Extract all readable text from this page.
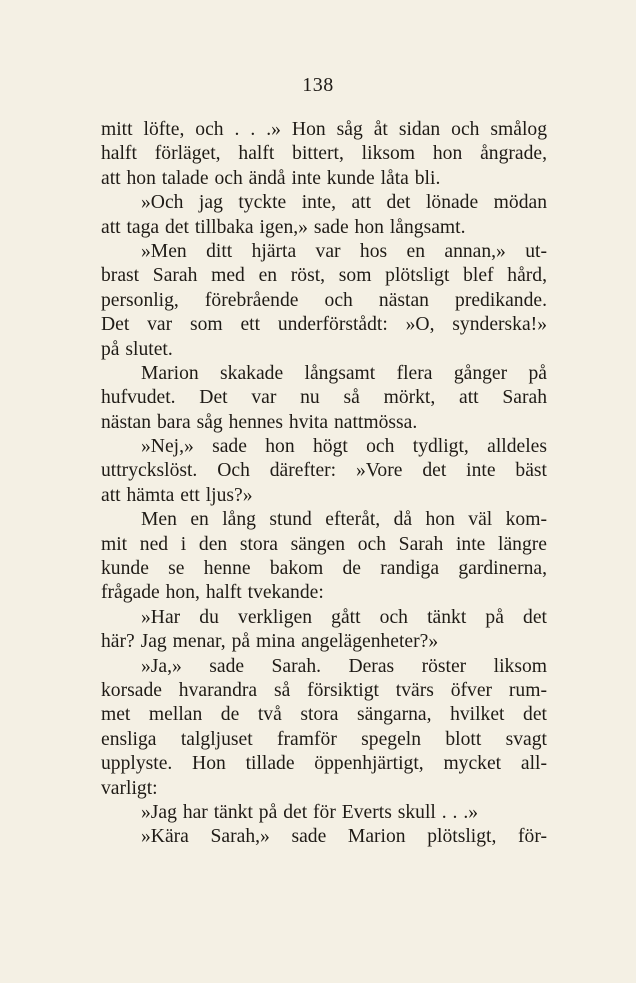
138
mitt löfte, och . . .» Hon såg åt sidan och smålog
halft förläget, halft bittert, liksom hon ångrade,
att hon talade och ändå inte kunde låta bli.
»Och jag tyckte inte, att det lönade mödan
att taga det tillbaka igen,» sade hon långsamt.
»Men ditt hjärta var hos en annan,» ut-
brast Sarah med en röst, som plötsligt blef hård,
personlig, förebrående och nästan predikande.
Det var som ett underförstådt: »O, synderska!»
på slutet.
Marion skakade långsamt flera gånger på
hufvudet. Det var nu så mörkt, att Sarah
nästan bara såg hennes hvita nattmössa.
»Nej,» sade hon högt och tydligt, alldeles
uttryckslöst. Och därefter: »Vore det inte bäst
att hämta ett ljus?»
Men en lång stund efteråt, då hon väl kom-
mit ned i den stora sängen och Sarah inte längre
kunde se henne bakom de randiga gardinerna,
frågade hon, halft tvekande:
»Har du verkligen gått och tänkt på det
här? Jag menar, på mina angelägenheter?»
»Ja,» sade Sarah. Deras röster liksom
korsade hvarandra så försiktigt tvärs öfver rum-
met mellan de två stora sängarna, hvilket det
ensliga talgljuset framför spegeln blott svagt
upplyste. Hon tillade öppenhjärtigt, mycket all-
varligt:
»Jag har tänkt på det för Everts skull . . .»
»Kära Sarah,» sade Marion plötsligt, för-
